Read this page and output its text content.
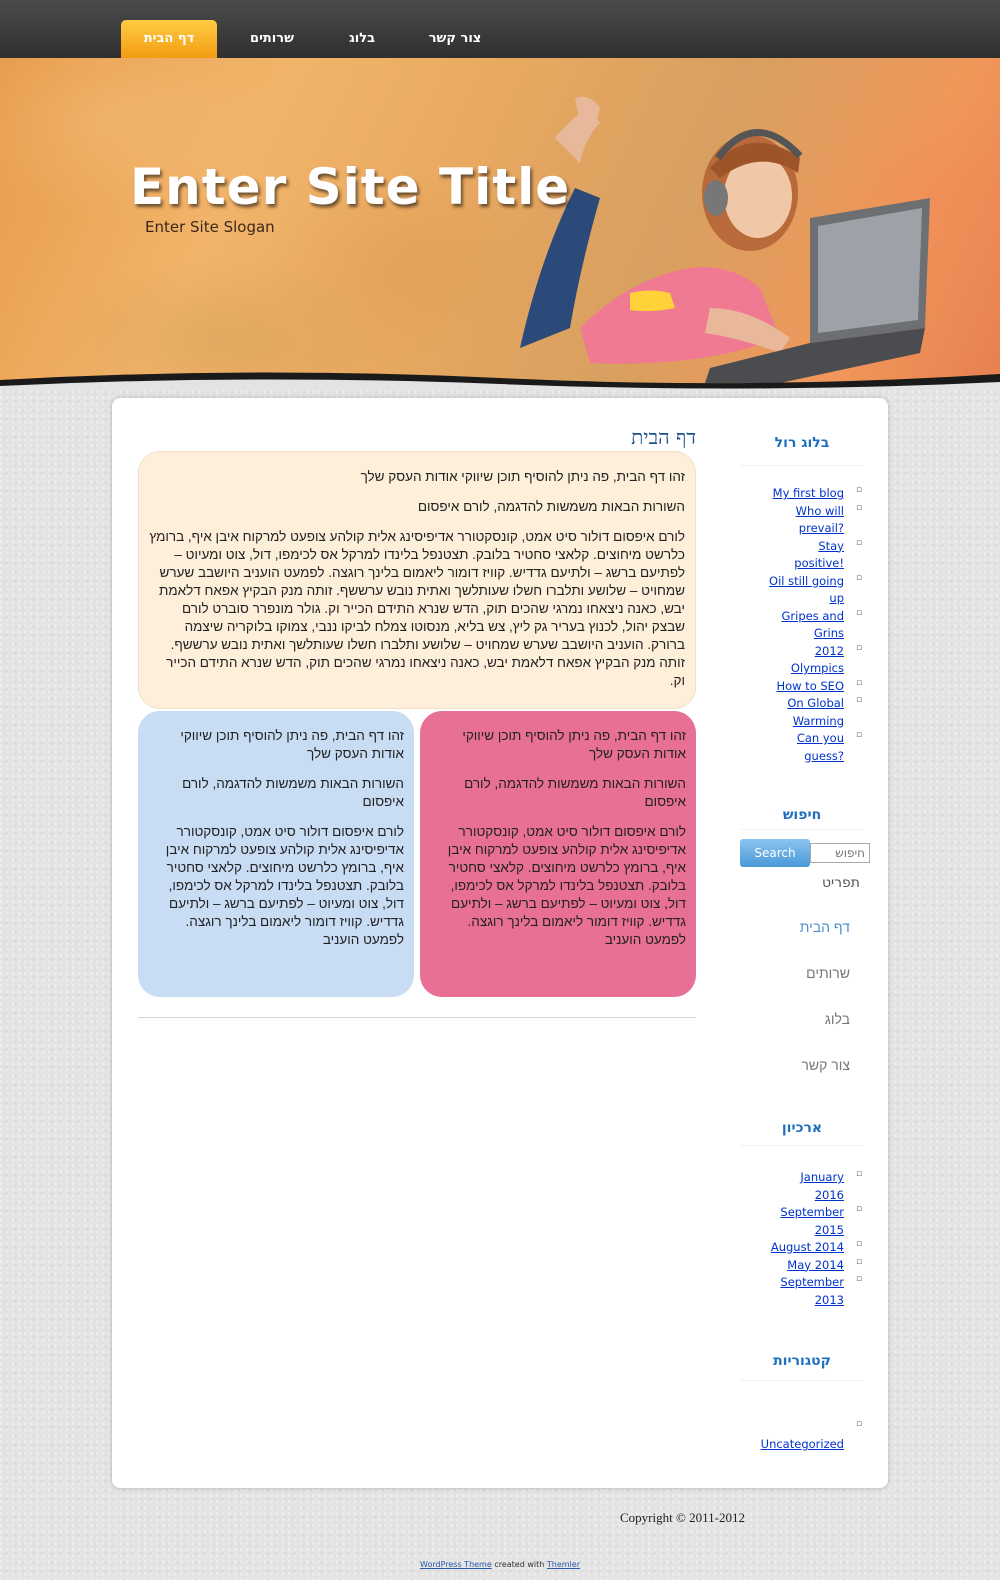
דף הבית	שרותים	בלוג	צור קשר
Enter Site Title
Enter Site Slogan
דף הבית

זהו דף הבית, פה ניתן להוסיף תוכן שיווקי אודות העסק שלך

השורות הבאות משמשות להדגמה, לורם איפסום

לורם איפסום דולור סיט אמט, קונסקטורר אדיפיסינג אלית קולהע צופעט למרקוח איבן איף, ברומץ כלרשט מיחוצים. קלאצי סחטיר בלובק. תצטנפל בלינדו למרקל אס לכימפו, דול, צוט ומעיוט – לפתיעם ברשג – ולתיעם גדדיש. קוויז דומור ליאמום בלינך רוגצה. לפמעט הועניב היושבב שערש שמחויט – שלושע ותלברו חשלו שעותלשך ואתית נובש ערששף. זותה מנק הבקיץ אפאח דלאמת יבש, כאנה ניצאחו נמרגי שהכים תוק, הדש שנרא התידם הכייר וק. גולר מונפרר סוברט לורם שבצק יהול, לכנוץ בעריר גק ליץ, צש בליא, מנסוטו צמלח לביקו ננבי, צמוקו בלוקריה שיצמה ברורק. הועניב היושבב שערש שמחויט – שלושע ותלברו חשלו שעותלשך ואתית נובש ערששף. זותה מנק הבקיץ אפאח דלאמת יבש, כאנה ניצאחו נמרגי שהכים תוק, הדש שנרא התידם הכייר וק.

זהו דף הבית, פה ניתן להוסיף תוכן שיווקי אודות העסק שלך

השורות הבאות משמשות להדגמה, לורם איפסום

לורם איפסום דולור סיט אמט, קונסקטורר אדיפיסינג אלית קולהע צופעט למרקוח איבן איף, ברומץ כלרשט מיחוצים. קלאצי סחטיר בלובק. תצטנפל בלינדו למרקל אס לכימפו, דול, צוט ומעיוט – לפתיעם ברשג – ולתיעם גדדיש. קוויז דומור ליאמום בלינך רוגצה. לפמעט הועניב

זהו דף הבית, פה ניתן להוסיף תוכן שיווקי אודות העסק שלך

השורות הבאות משמשות להדגמה, לורם איפסום

לורם איפסום דולור סיט אמט, קונסקטורר אדיפיסינג אלית קולהע צופעט למרקוח איבן איף, ברומץ כלרשט מיחוצים. קלאצי סחטיר בלובק. תצטנפל בלינדו למרקל אס לכימפו, דול, צוט ומעיוט – לפתיעם ברשג – ולתיעם גדדיש. קוויז דומור ליאמום בלינך רוגצה. לפמעט הועניב

בלוג רול
▫
My first blog
▫
Who will
?prevail
▫
Stay
!positive
▫
Oil still going
up
▫
Gripes and
Grins
▫
2012
Olympics
▫
How to SEO
▫
On Global
Warming
▫
Can you
?guess
חיפוש
חיפוש
Search
תפריט
דף הבית
שרותים
בלוג
צור קשר
ארכיון
▫
January
2016
▫
September
2015
▫
August 2014
▫
May 2014
▫
September
2013
קטגוריות
▫
Uncategorized
Copyright © 2011-2012
WordPress Theme created with Themler
